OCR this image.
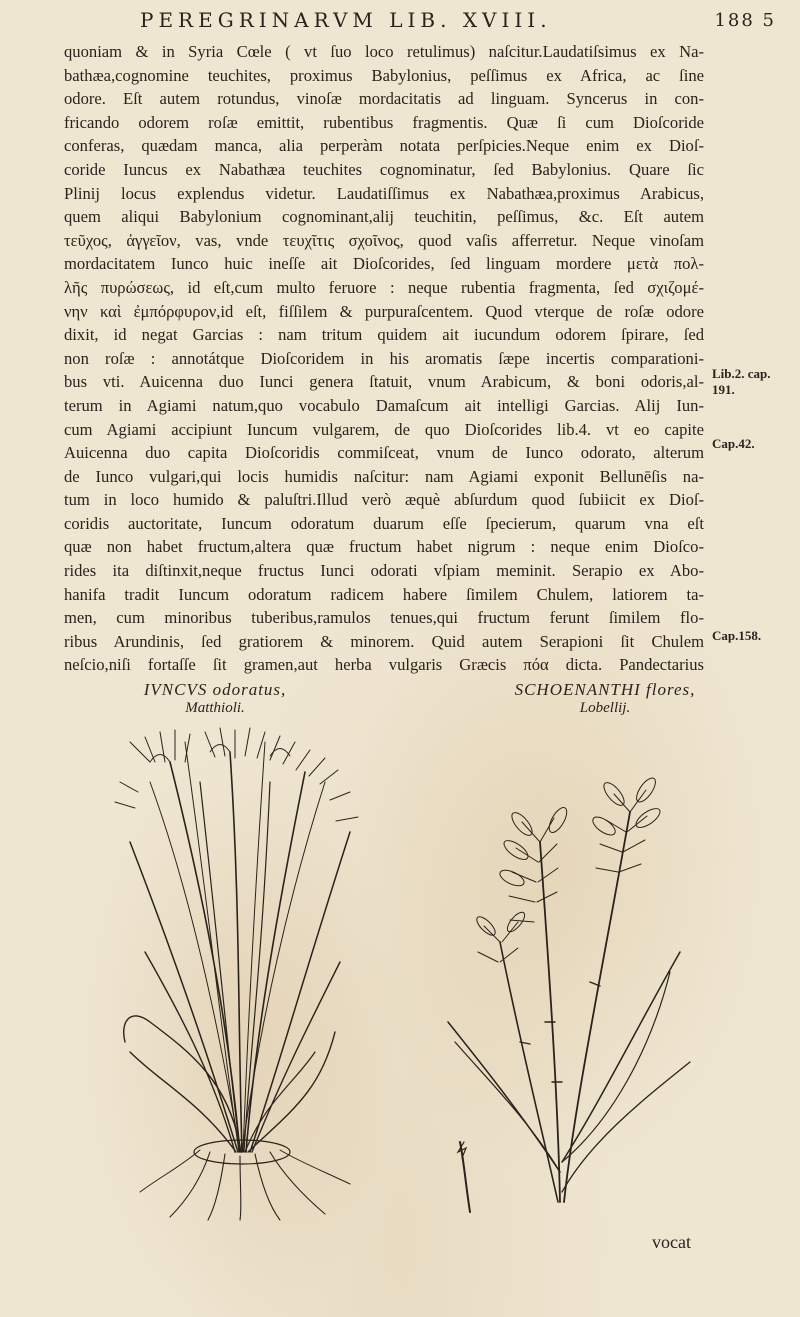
PEREGRINARVM LIB. XVIII.	188 5
quoniam & in Syria Cœle ( vt ſuo loco retulimus) naſcitur.Laudatiſsimus ex Na-
bathæa,cognomine teuchites, proximus Babylonius, peſſimus ex Africa, ac ſine
odore. Eſt autem rotundus, vinoſæ mordacitatis ad linguam. Syncerus in con-
fricando odorem roſæ emittit, rubentibus fragmentis. Quæ ſi cum Dioſcoride
conferas, quædam manca, alia perperàm notata perſpicies.Neque enim ex Dioſ-
coride Iuncus ex Nabathæa teuchites cognominatur, ſed Babylonius. Quare ſic
Plinij locus explendus videtur. Laudatiſſimus ex Nabathæa,proximus Arabicus,
quem aliqui Babylonium cognominant,alij teuchitin, peſſimus, &c. Eſt autem
τεῦχος, ἀγγεῖον, vas, vnde τευχῖτις σχοῖνος, quod vaſis afferretur. Neque vinoſam
mordacitatem Iunco huic ineſſe ait Dioſcorides, ſed linguam mordere μετὰ πολ-
λῆς πυρώσεως, id eſt,cum multo feruore : neque rubentia fragmenta, ſed σχιζομέ-
νην καὶ ἐμπόρφυρον,id eſt, fiſſilem & purpuraſcentem. Quod vterque de roſæ odore
dixit, id negat Garcias : nam tritum quidem ait iucundum odorem ſpirare, ſed
non roſæ : annotátque Dioſcoridem in his aromatis ſæpe incertis comparationi-
bus vti. Auicenna duo Iunci genera ſtatuit, vnum Arabicum, & boni odoris,al-
terum in Agiami natum,quo vocabulo Damaſcum ait intelligi Garcias. Alij Iun-
cum Agiami accipiunt Iuncum vulgarem, de quo Dioſcorides lib.4. vt eo capite
Auicenna duo capita Dioſcoridis commiſceat, vnum de Iunco odorato, alterum
de Iunco vulgari,qui locis humidis naſcitur: nam Agiami exponit Bellunēſis na-
tum in loco humido & paluſtri.Illud verò æquè abſurdum quod ſubiicit ex Dioſ-
coridis auctoritate, Iuncum odoratum duarum eſſe ſpecierum, quarum vna eſt
quæ non habet fructum,altera quæ fructum habet nigrum : neque enim Dioſco-
rides ita diſtinxit,neque fructus Iunci odorati vſpiam meminit. Serapio ex Abo-
hanifa tradit Iuncum odoratum radicem habere ſimilem Chulem, latiorem ta-
men, cum minoribus tuberibus,ramulos tenues,qui fructum ferunt ſimilem flo-
ribus Arundinis, ſed gratiorem & minorem. Quid autem Serapioni ſit Chulem
neſcio,niſi fortaſſe ſit gramen,aut herba vulgaris Græcis πόα dicta. Pandectarius
Lib.2. cap. 191.
Cap.42.
Cap.158.
IVNCVS odoratus,
Matthioli.
SCHOENANTHI flores,
Lobellij.
vocat
